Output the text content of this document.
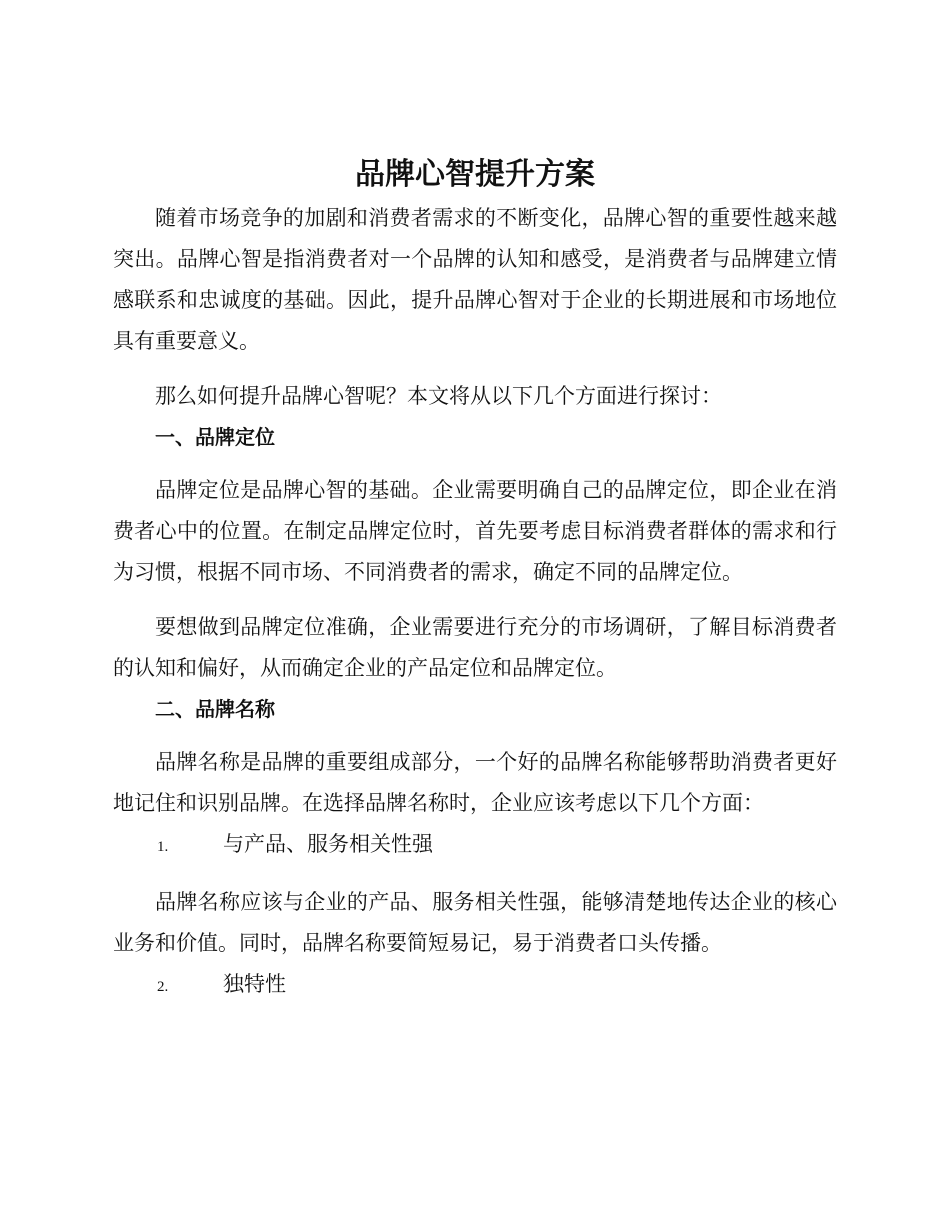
品牌心智提升方案

随着市场竞争的加剧和消费者需求的不断变化，品牌心智的重要性越来越突出。品牌心智是指消费者对一个品牌的认知和感受，是消费者与品牌建立情感联系和忠诚度的基础。因此，提升品牌心智对于企业的长期进展和市场地位具有重要意义。

那么如何提升品牌心智呢？本文将从以下几个方面进行探讨：

一、品牌定位

品牌定位是品牌心智的基础。企业需要明确自己的品牌定位，即企业在消费者心中的位置。在制定品牌定位时，首先要考虑目标消费者群体的需求和行为习惯，根据不同市场、不同消费者的需求，确定不同的品牌定位。

要想做到品牌定位准确，企业需要进行充分的市场调研，了解目标消费者的认知和偏好，从而确定企业的产品定位和品牌定位。

二、品牌名称

品牌名称是品牌的重要组成部分，一个好的品牌名称能够帮助消费者更好地记住和识别品牌。在选择品牌名称时，企业应该考虑以下几个方面：

1.	与产品、服务相关性强

品牌名称应该与企业的产品、服务相关性强，能够清楚地传达企业的核心业务和价值。同时，品牌名称要简短易记，易于消费者口头传播。

2.	独特性
